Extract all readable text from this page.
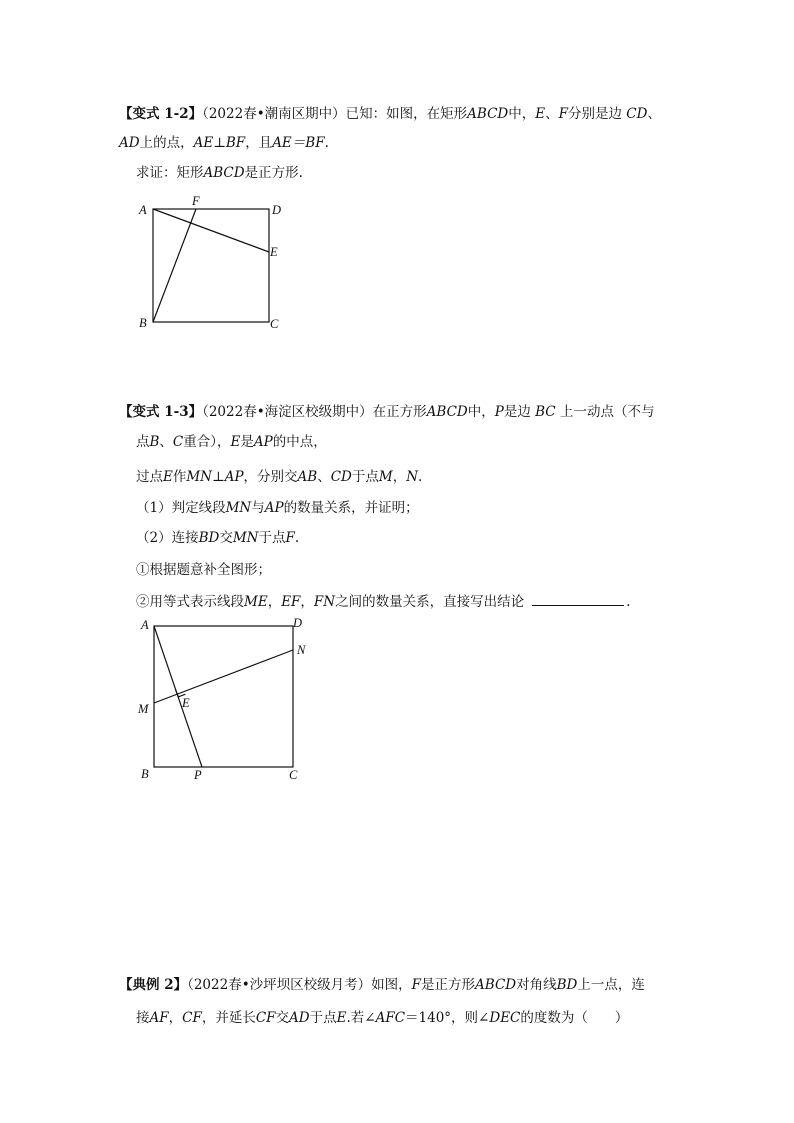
【变式 1-2】（2022春•潮南区期中）已知：如图，在矩形ABCD中，E、F分别是边 CD、
AD上的点，AE⊥BF，且AE＝BF.
求证：矩形ABCD是正方形.
A
F
D
E
B	C
【变式 1-3】（2022春•海淀区校级期中）在正方形ABCD中，P是边 BC 上一动点（不与
点B、C重合），E是AP的中点，
过点E作MN⊥AP，分别交AB、CD于点M，N.
（1）判定线段MN与AP的数量关系，并证明；
（2）连接BD交MN于点F.
①根据题意补全图形；
②用等式表示线段ME，EF，FN之间的数量关系，直接写出结论	.
A	D
N
M	E
B	P	C
【典例 2】（2022春•沙坪坝区校级月考）如图，F是正方形ABCD对角线BD上一点，连
接AF，CF，并延长CF交AD于点E.若∠AFC＝140°，则∠DEC的度数为（　　）
